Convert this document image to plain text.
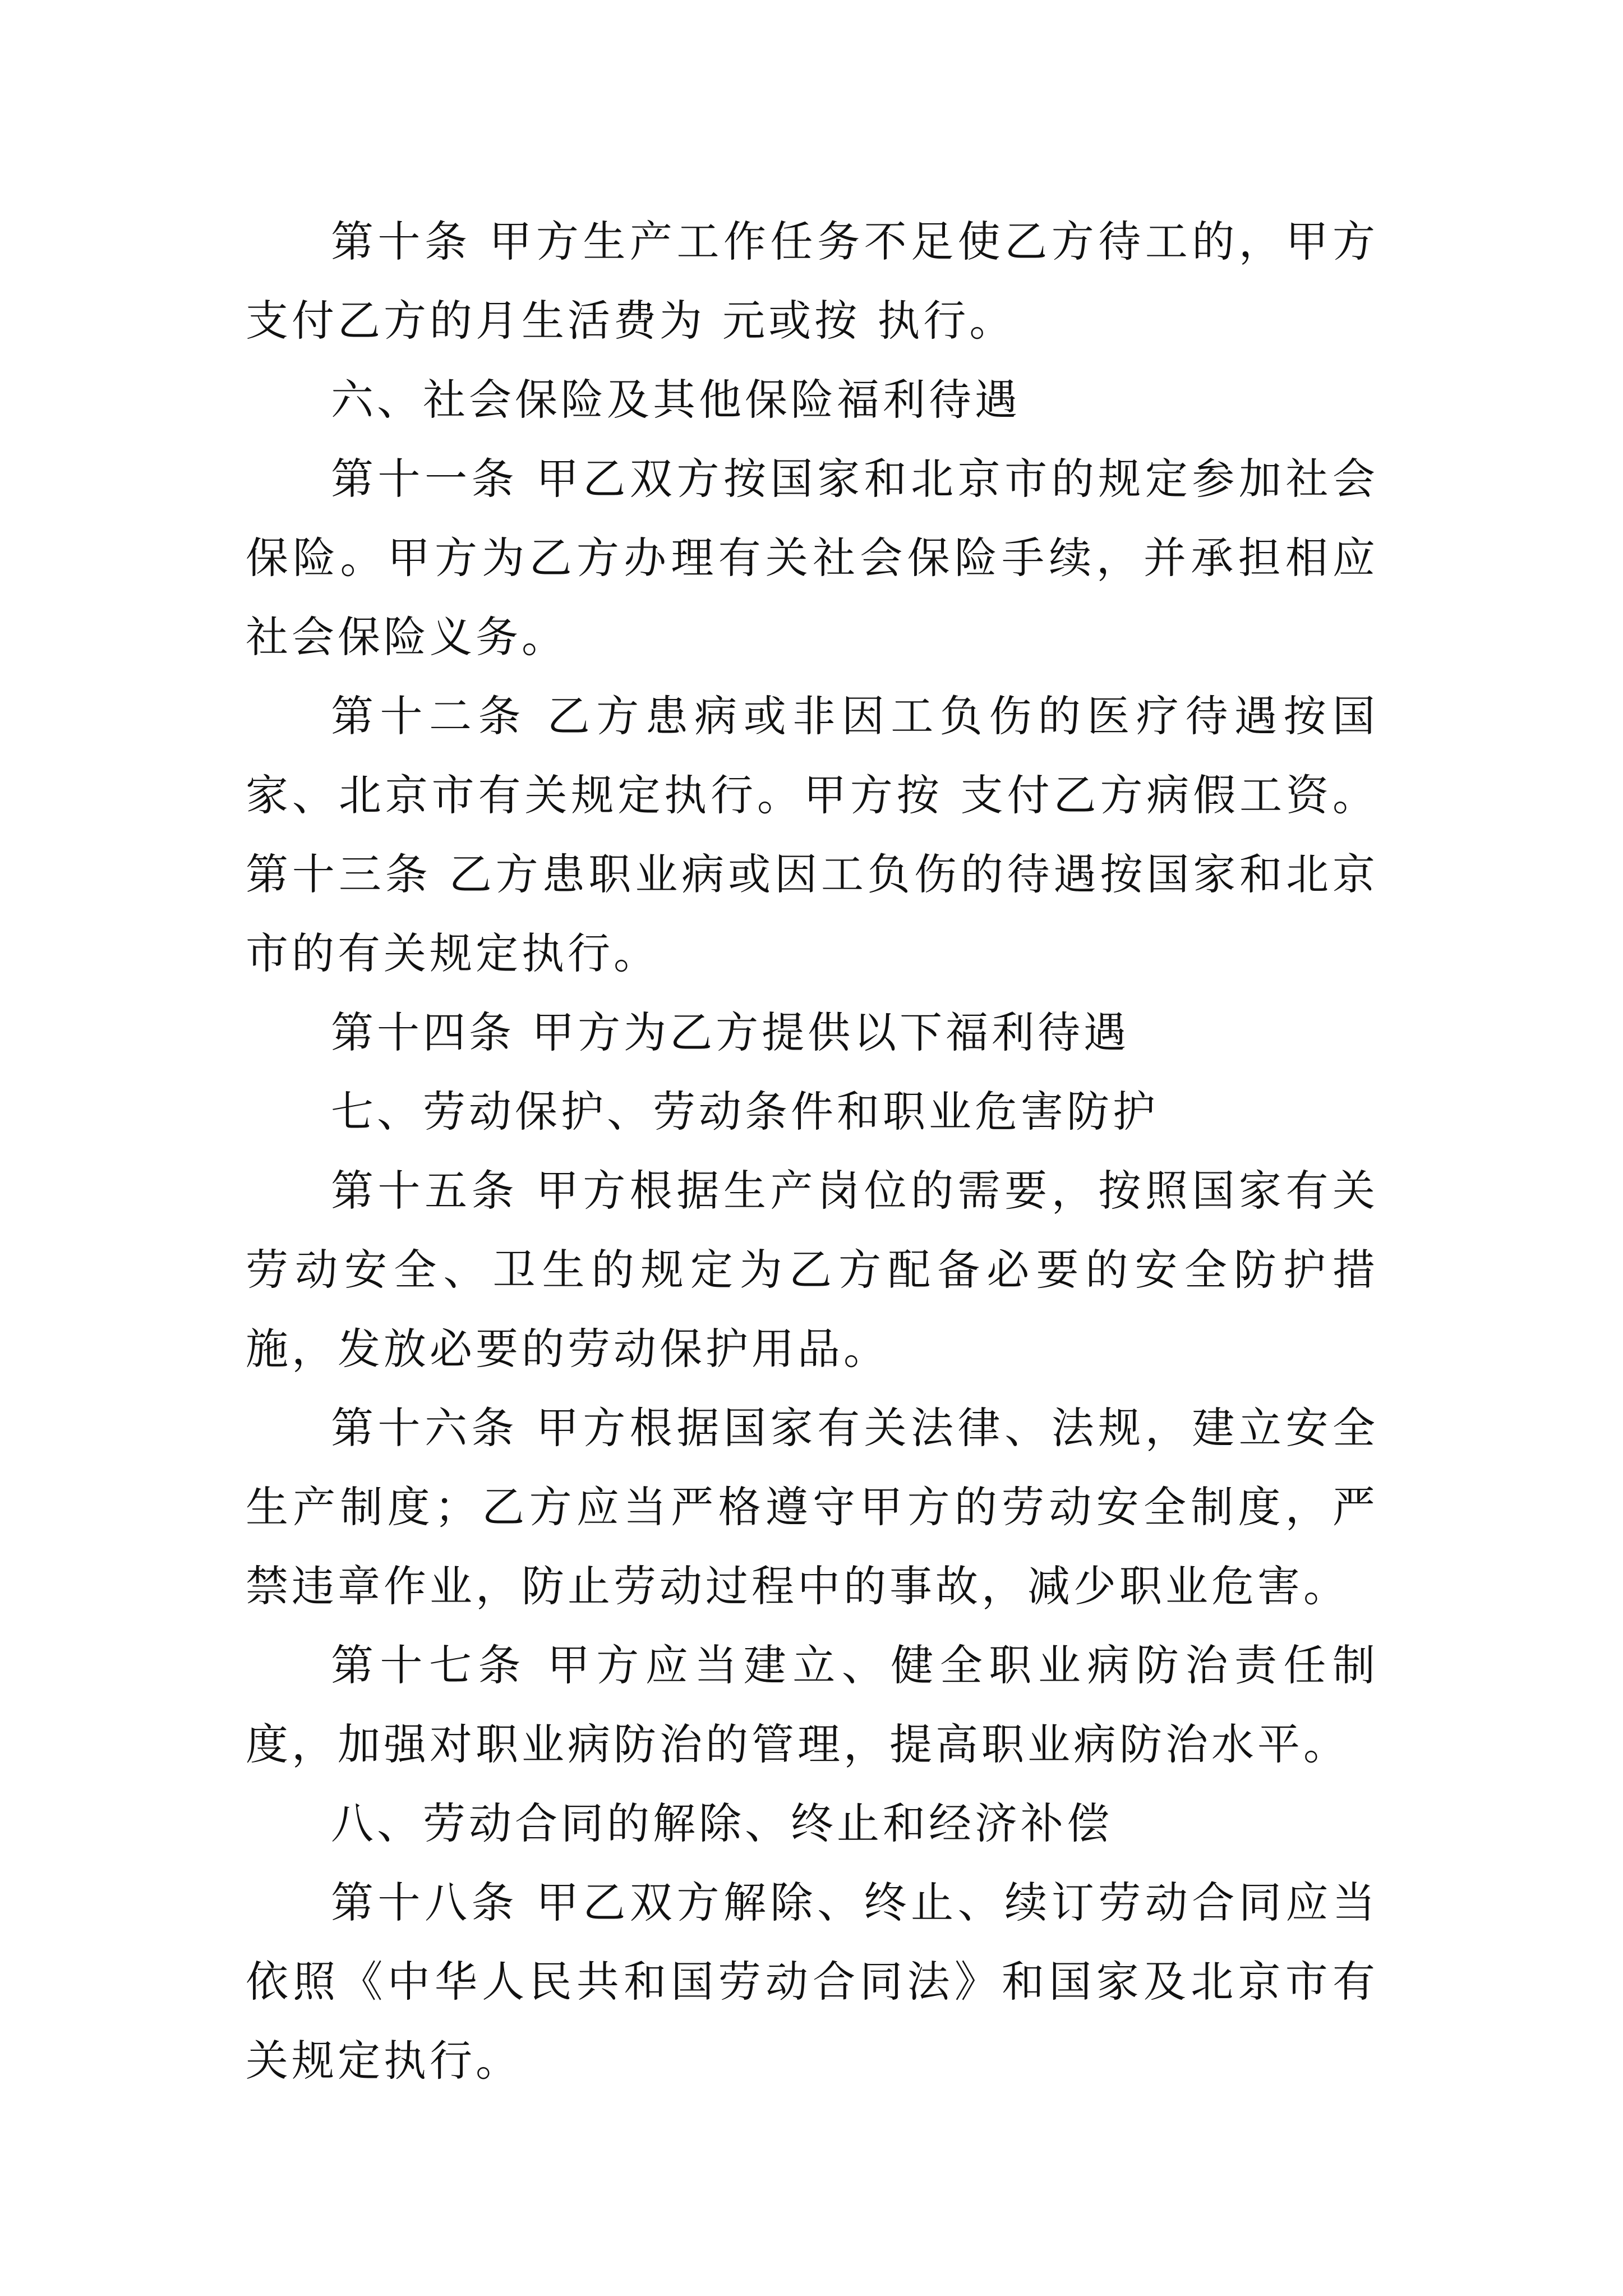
第十条 甲方生产工作任务不足使乙方待工的，甲方支付乙方的月生活费为 元或按 执行。

六、社会保险及其他保险福利待遇

第十一条 甲乙双方按国家和北京市的规定参加社会保险。甲方为乙方办理有关社会保险手续，并承担相应社会保险义务。

第十二条 乙方患病或非因工负伤的医疗待遇按国家、北京市有关规定执行。甲方按 支付乙方病假工资。 第十三条 乙方患职业病或因工负伤的待遇按国家和北京市的有关规定执行。

第十四条 甲方为乙方提供以下福利待遇

七、劳动保护、劳动条件和职业危害防护

第十五条 甲方根据生产岗位的需要，按照国家有关劳动安全、卫生的规定为乙方配备必要的安全防护措施，发放必要的劳动保护用品。

第十六条 甲方根据国家有关法律、法规，建立安全生产制度；乙方应当严格遵守甲方的劳动安全制度，严禁违章作业，防止劳动过程中的事故，减少职业危害。

第十七条 甲方应当建立、健全职业病防治责任制度，加强对职业病防治的管理，提高职业病防治水平。

八、劳动合同的解除、终止和经济补偿

第十八条 甲乙双方解除、终止、续订劳动合同应当依照《中华人民共和国劳动合同法》和国家及北京市有关规定执行。
